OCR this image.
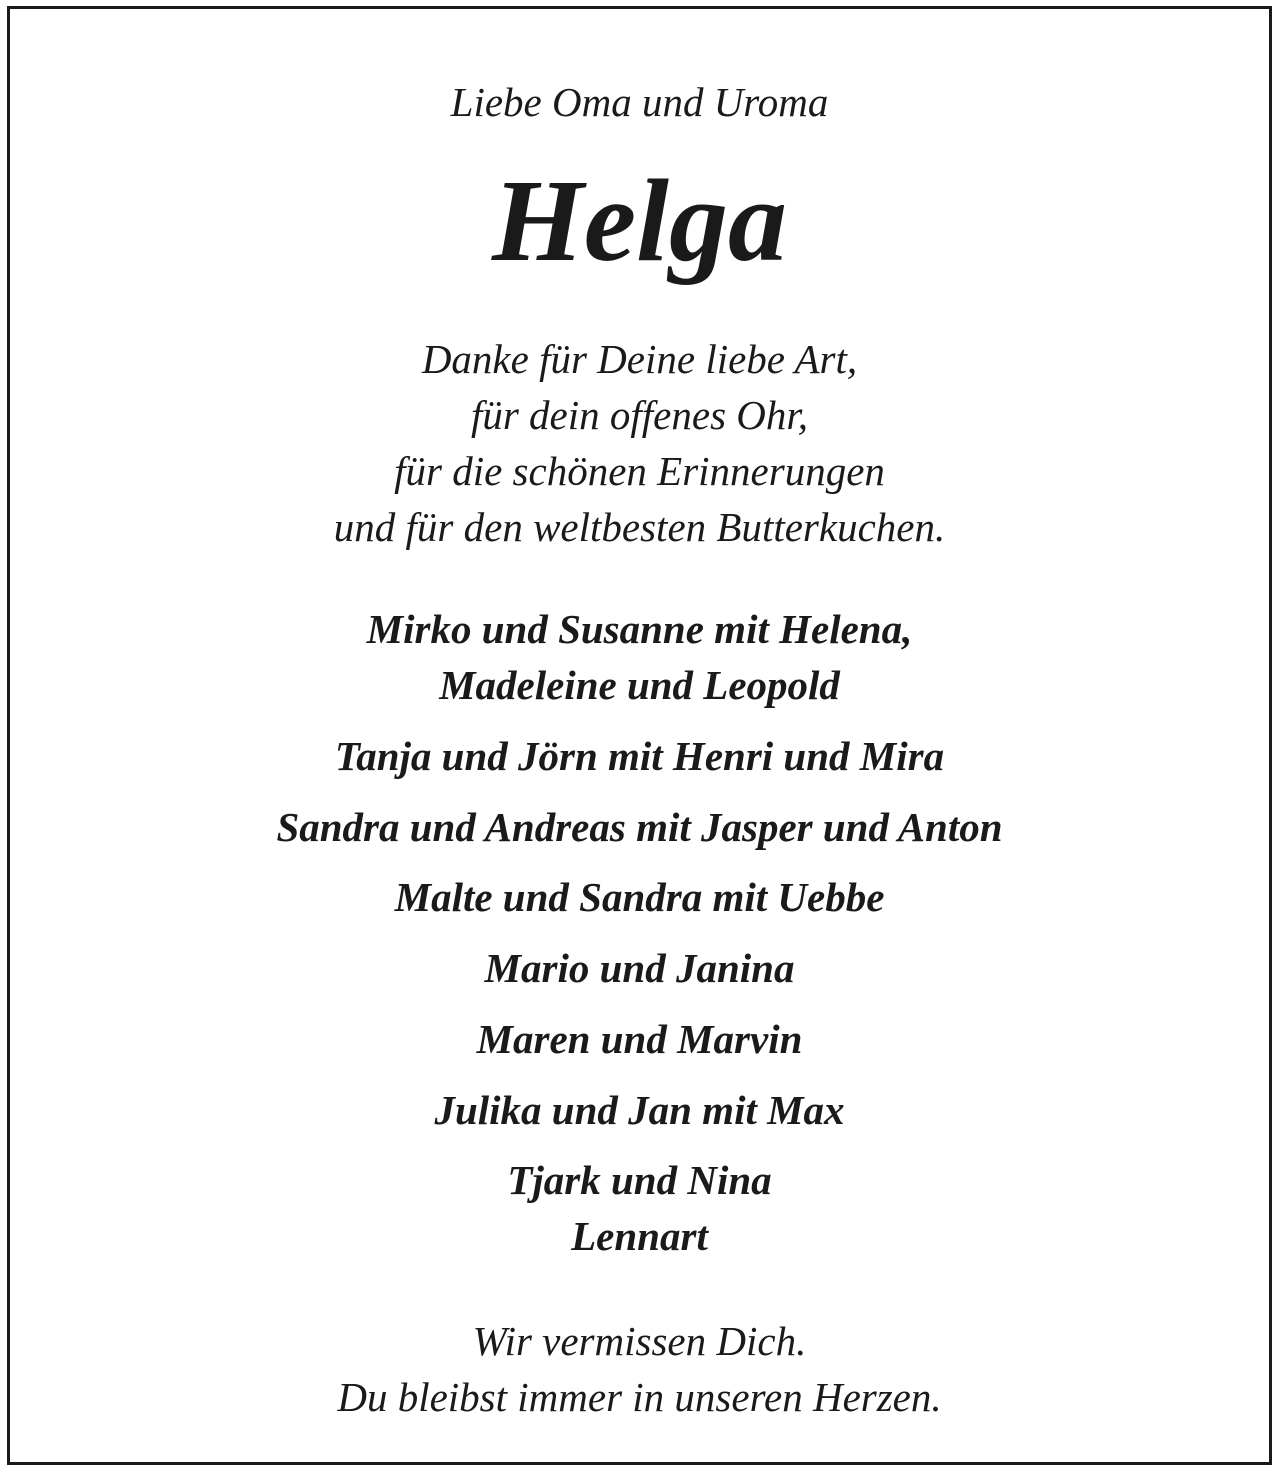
Liebe Oma und Uroma
Helga
Danke für Deine liebe Art,
für dein offenes Ohr,
für die schönen Erinnerungen
und für den weltbesten Butterkuchen.
Mirko und Susanne mit Helena,
Madeleine und Leopold
Tanja und Jörn mit Henri und Mira
Sandra und Andreas mit Jasper und Anton
Malte und Sandra mit Uebbe
Mario und Janina
Maren und Marvin
Julika und Jan mit Max
Tjark und Nina
Lennart
Wir vermissen Dich.
Du bleibst immer in unseren Herzen.
